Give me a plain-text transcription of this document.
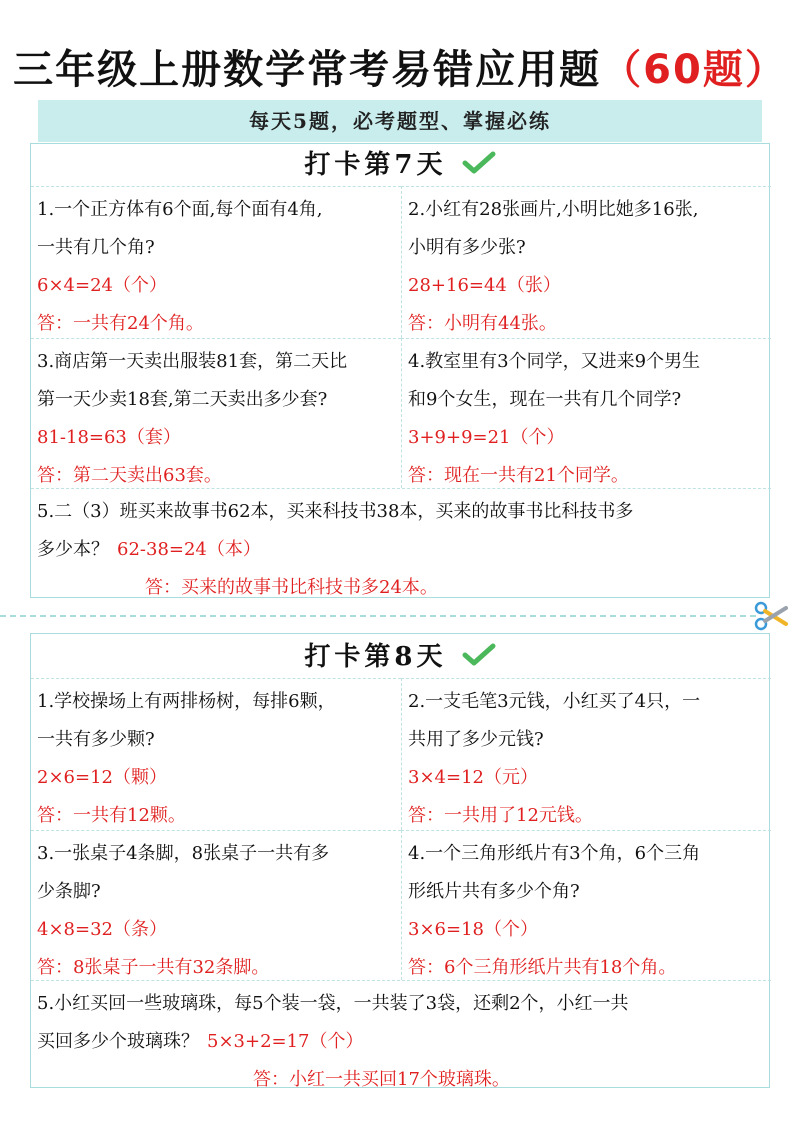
三年级上册数学常考易错应用题（60题）
每天5题，必考题型、掌握必练
打卡第7天
1.一个正方体有6个面,每个面有4角,
一共有几个角?
6×4=24（个）
答：一共有24个角。
2.小红有28张画片,小明比她多16张,
小明有多少张?
28+16=44（张）
答：小明有44张。
3.商店第一天卖出服装81套，第二天比
第一天少卖18套,第二天卖出多少套?
81-18=63（套）
答：第二天卖出63套。
4.教室里有3个同学，又进来9个男生
和9个女生，现在一共有几个同学?
3+9+9=21（个）
答：现在一共有21个同学。
5.二（3）班买来故事书62本，买来科技书38本，买来的故事书比科技书多
多少本？ 62-38=24（本）
答：买来的故事书比科技书多24本。
打卡第8天
1.学校操场上有两排杨树，每排6颗，
一共有多少颗?
2×6=12（颗）
答：一共有12颗。
2.一支毛笔3元钱，小红买了4只，一
共用了多少元钱?
3×4=12（元）
答：一共用了12元钱。
3.一张桌子4条脚，8张桌子一共有多
少条脚?
4×8=32（条）
答：8张桌子一共有32条脚。
4.一个三角形纸片有3个角，6个三角
形纸片共有多少个角?
3×6=18（个）
答：6个三角形纸片共有18个角。
5.小红买回一些玻璃珠，每5个装一袋，一共装了3袋，还剩2个，小红一共
买回多少个玻璃珠？ 5×3+2=17（个）
答：小红一共买回17个玻璃珠。
